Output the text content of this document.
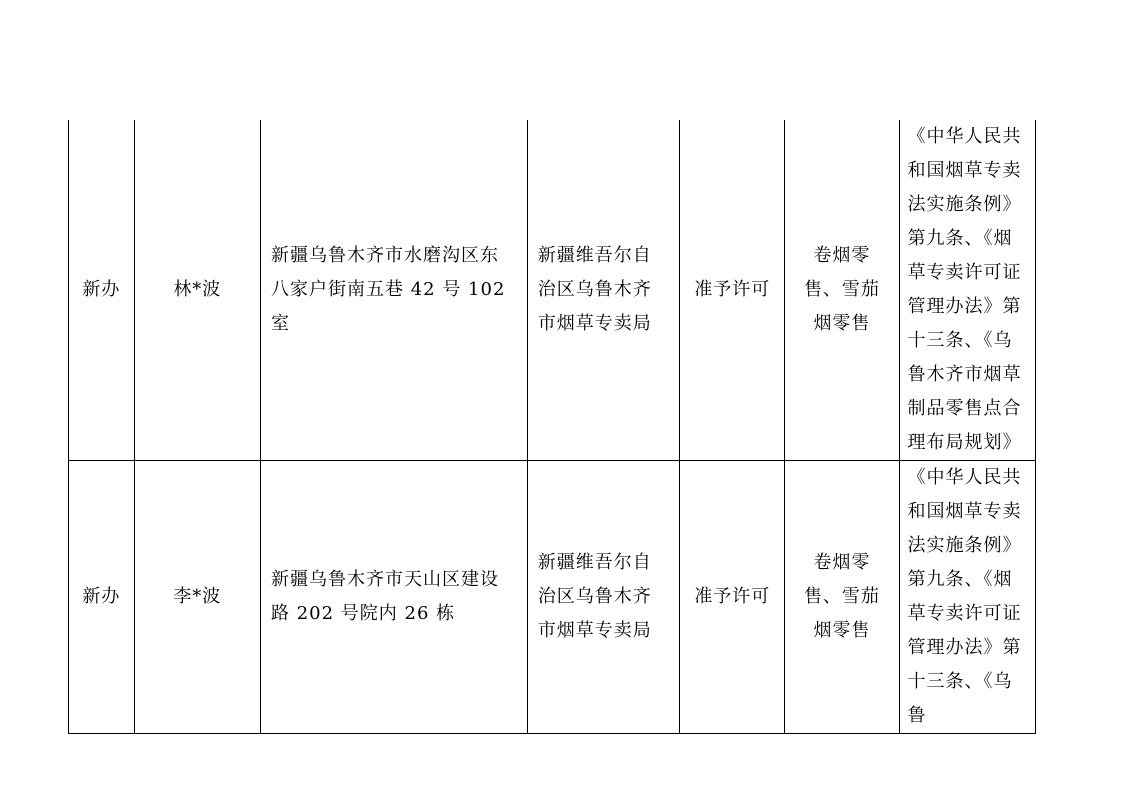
新办	林*波	新疆乌鲁木齐市水磨沟区东八家户街南五巷 42 号 102 室	新疆维吾尔自治区乌鲁木齐市烟草专卖局	准予许可	卷烟零售、雪茄烟零售	《中华人民共和国烟草专卖法实施条例》第九条、《烟草专卖许可证管理办法》第十三条、《乌鲁木齐市烟草制品零售点合理布局规划》

新办	李*波	新疆乌鲁木齐市天山区建设路 202 号院内 26 栋	新疆维吾尔自治区乌鲁木齐市烟草专卖局	准予许可	卷烟零售、雪茄烟零售	《中华人民共和国烟草专卖法实施条例》第九条、《烟草专卖许可证管理办法》第十三条、《乌鲁
